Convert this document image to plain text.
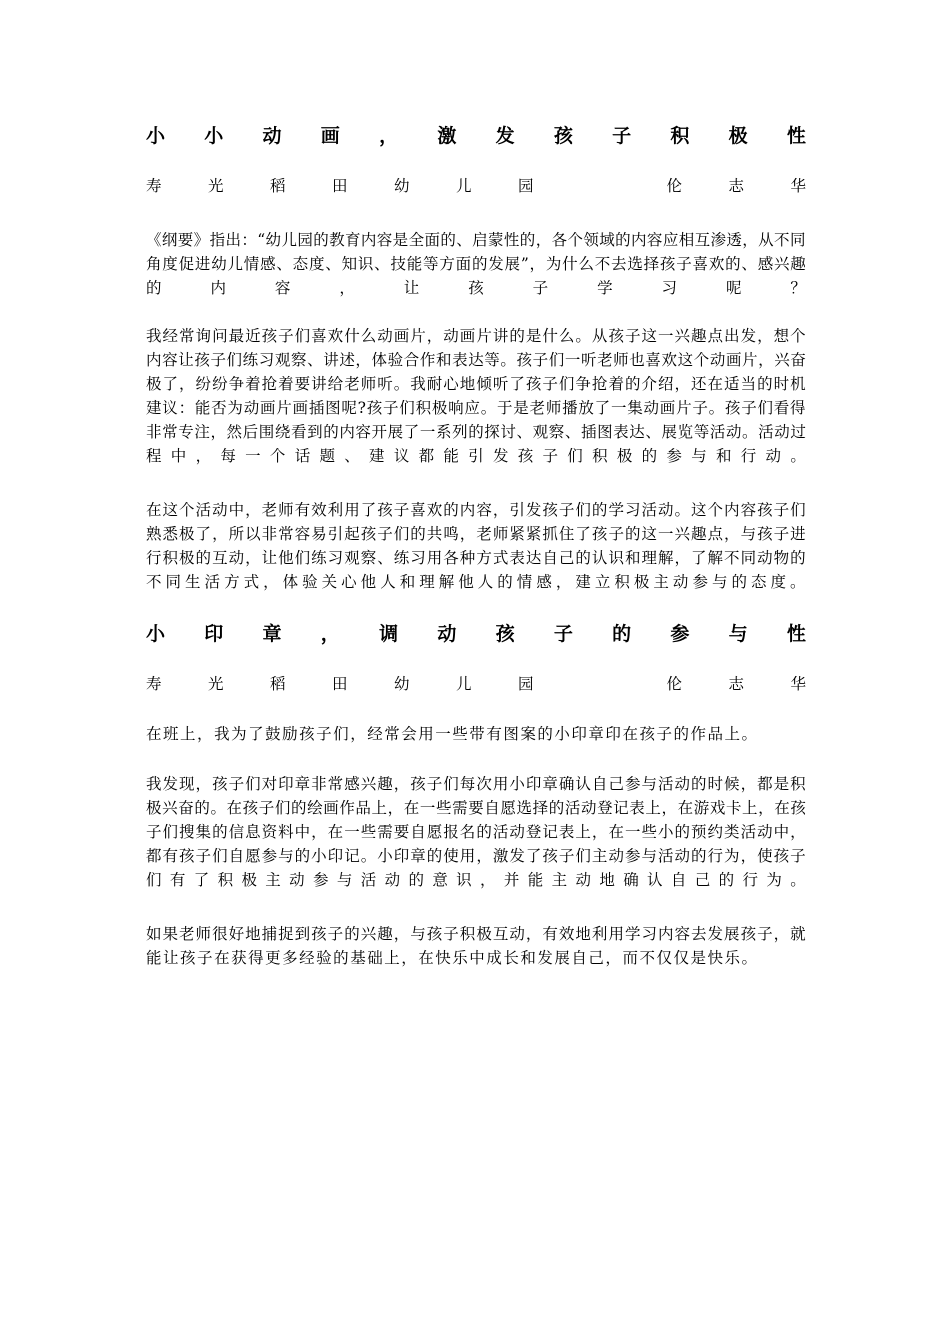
小 小 动 画 ， 激 发 孩 子 积 极 性
寿	光	稻	田	幼	儿	园	伦	志	华
《 纲 要 》 指 出 ： “ 幼 儿 园 的 教 育 内 容 是 全 面 的 、 启 蒙 性 的 ， 各 个 领 域 的 内 容 应 相 互 渗 透 ， 从 不 同
角 度 促 进 幼 儿 情 感 、 态 度 、 知 识 、 技 能 等 方 面 的 发 展 ” ， 为 什 么 不 去 选 择 孩 子 喜 欢 的 、 感 兴 趣
的	内	容	，	让	孩	子	学	习	呢	？
我 经 常 询 问 最 近 孩 子 们 喜 欢 什 么 动 画 片 ， 动 画 片 讲 的 是 什 么 。 从 孩 子 这 一 兴 趣 点 出 发 ， 想 个
内 容 让 孩 子 们 练 习 观 察 、 讲 述 ， 体 验 合 作 和 表 达 等 。 孩 子 们 一 听 老 师 也 喜 欢 这 个 动 画 片 ， 兴 奋
极 了 ， 纷 纷 争 着 抢 着 要 讲 给 老 师 听 。 我 耐 心 地 倾 听 了 孩 子 们 争 抢 着 的 介 绍 ， 还 在 适 当 的 时 机
建 议 ： 能 否 为 动 画 片 画 插 图 呢 ? 孩 子 们 积 极 响 应 。 于 是 老 师 播 放 了 一 集 动 画 片 子 。 孩 子 们 看 得
非 常 专 注 ， 然 后 围 绕 看 到 的 内 容 开 展 了 一 系 列 的 探 讨 、 观 察 、 插 图 表 达 、 展 览 等 活 动 。 活 动 过
程 中 ， 每 一 个 话 题 、 建 议 都 能 引 发 孩 子 们 积 极 的 参 与 和 行 动 。
在 这 个 活 动 中 ， 老 师 有 效 利 用 了 孩 子 喜 欢 的 内 容 ， 引 发 孩 子 们 的 学 习 活 动 。 这 个 内 容 孩 子 们
熟 悉 极 了 ， 所 以 非 常 容 易 引 起 孩 子 们 的 共 鸣 ， 老 师 紧 紧 抓 住 了 孩 子 的 这 一 兴 趣 点 ， 与 孩 子 进
行 积 极 的 互 动 ， 让 他 们 练 习 观 察 、 练 习 用 各 种 方 式 表 达 自 己 的 认 识 和 理 解 ， 了 解 不 同 动 物 的
不 同 生 活 方 式 ， 体 验 关 心 他 人 和 理 解 他 人 的 情 感 ， 建 立 积 极 主 动 参 与 的 态 度 。
小 印 章 ， 调 动 孩 子 的 参 与 性
寿	光	稻	田	幼	儿	园	伦	志	华
在 班 上 ， 我 为 了 鼓 励 孩 子 们 ， 经 常 会 用 一 些 带 有 图 案 的 小 印 章 印 在 孩 子 的 作 品 上 。
我 发 现 ， 孩 子 们 对 印 章 非 常 感 兴 趣 ， 孩 子 们 每 次 用 小 印 章 确 认 自 己 参 与 活 动 的 时 候 ， 都 是 积
极 兴 奋 的 。 在 孩 子 们 的 绘 画 作 品 上 ， 在 一 些 需 要 自 愿 选 择 的 活 动 登 记 表 上 ， 在 游 戏 卡 上 ， 在 孩
子 们 搜 集 的 信 息 资 料 中 ， 在 一 些 需 要 自 愿 报 名 的 活 动 登 记 表 上 ， 在 一 些 小 的 预 约 类 活 动 中 ，
都 有 孩 子 们 自 愿 参 与 的 小 印 记 。 小 印 章 的 使 用 ， 激 发 了 孩 子 们 主 动 参 与 活 动 的 行 为 ， 使 孩 子
们 有 了 积 极 主 动 参 与 活 动 的 意 识 ， 并 能 主 动 地 确 认 自 己 的 行 为 。
如 果 老 师 很 好 地 捕 捉 到 孩 子 的 兴 趣 ， 与 孩 子 积 极 互 动 ， 有 效 地 利 用 学 习 内 容 去 发 展 孩 子 ， 就
能 让 孩 子 在 获 得 更 多 经 验 的 基 础 上 ， 在 快 乐 中 成 长 和 发 展 自 己 ， 而 不 仅 仅 是 快 乐 。
